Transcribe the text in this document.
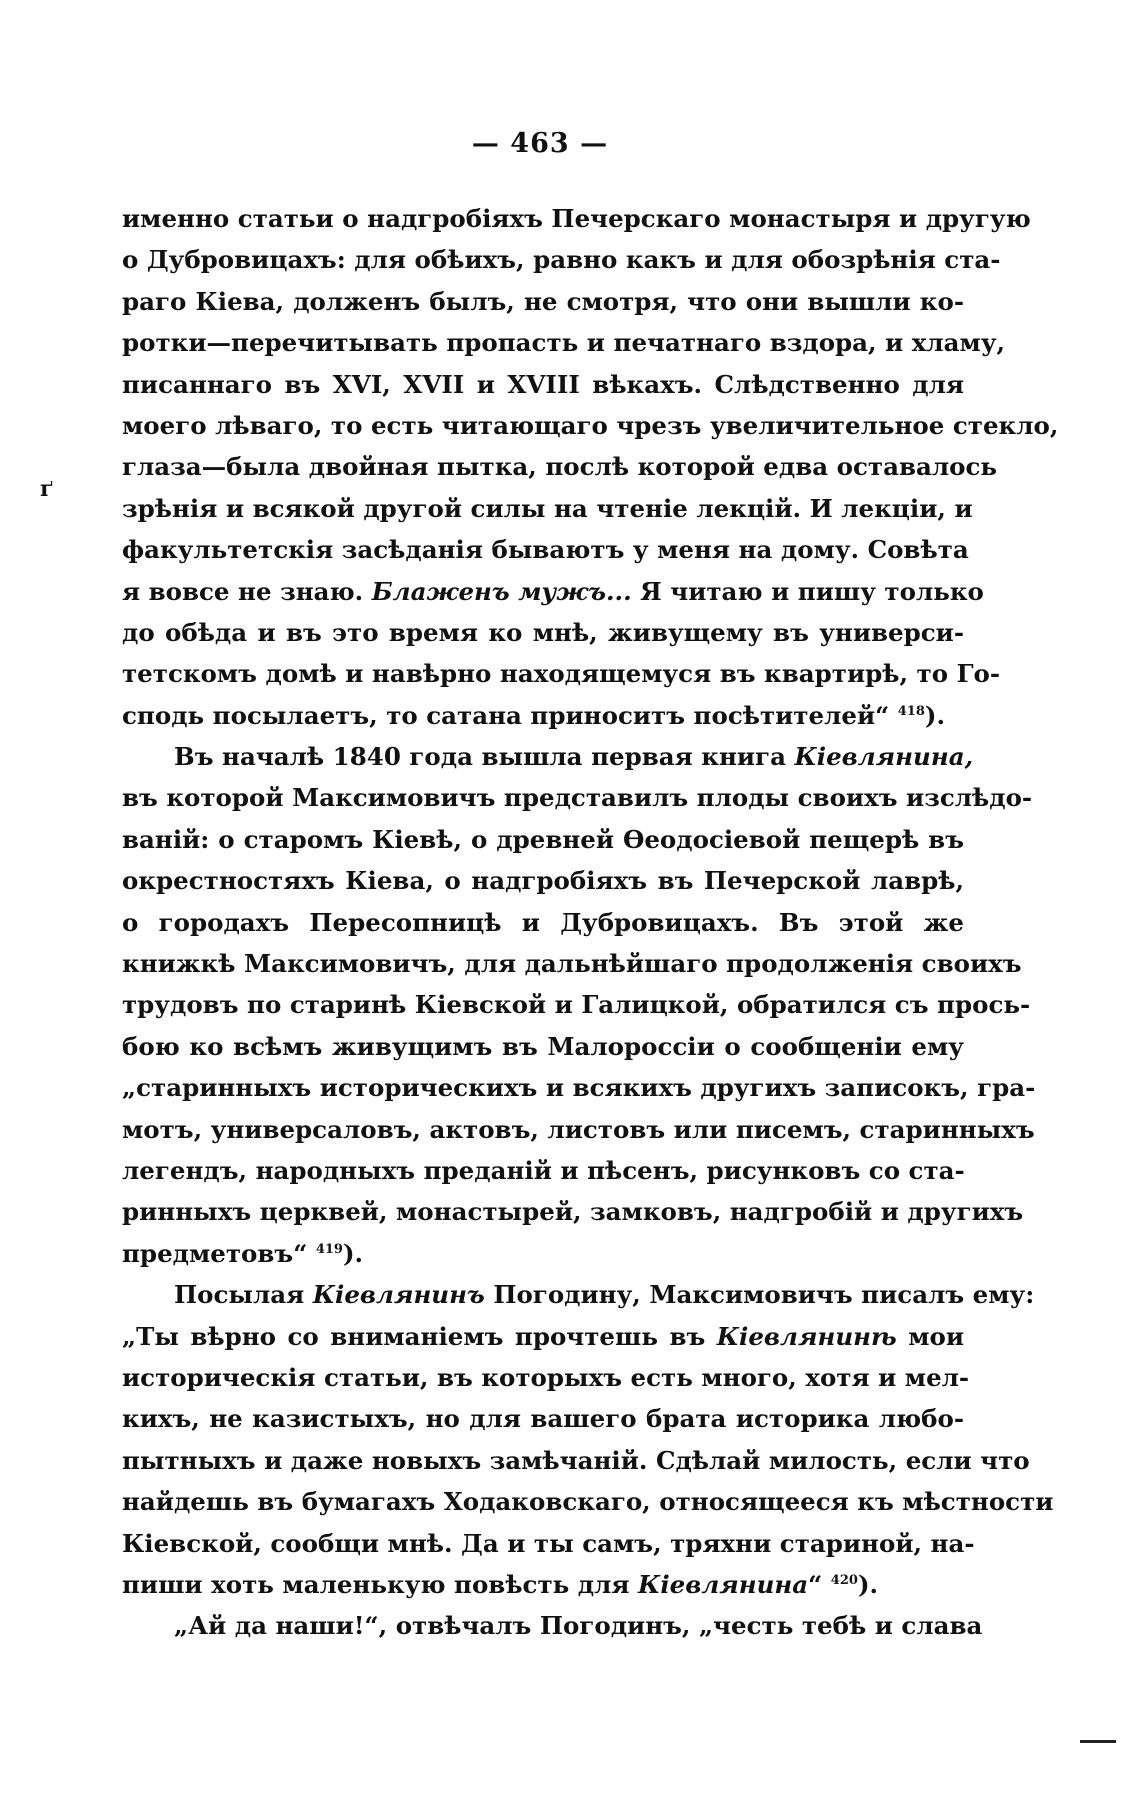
— 463 —
ґ
именно статьи о надгробіяхъ Печерскаго монастыря и другую
о Дубровицахъ: для обѣихъ, равно какъ и для обозрѣнія ста-
раго Кіева, долженъ былъ, не смотря, что они вышли ко-
ротки—перечитывать пропасть и печатнаго вздора, и хламу,
писаннаго въ XVI, XVII и XVIII вѣкахъ. Слѣдственно для
моего лѣваго, то есть читающаго чрезъ увеличительное стекло,
глаза—была двойная пытка, послѣ которой едва оставалось
зрѣнія и всякой другой силы на чтеніе лекцій. И лекціи, и
факультетскія засѣданія бываютъ у меня на дому. Совѣта
я вовсе не знаю. Блаженъ мужъ... Я читаю и пишу только
до обѣда и въ это время ко мнѣ, живущему въ универси-
тетскомъ домѣ и навѣрно находящемуся въ квартирѣ, то Го-
сподь посылаетъ, то сатана приноситъ посѣтителей“ $^{418}$).
Въ началѣ 1840 года вышла первая книга Кіевлянина,
въ которой Максимовичъ представилъ плоды своихъ изслѣдо-
ваній: о старомъ Кіевѣ, о древней Ѳеодосіевой пещерѣ въ
окрестностяхъ Кіева, о надгробіяхъ въ Печерской лаврѣ,
о городахъ Пересопницѣ и Дубровицахъ. Въ этой же
книжкѣ Максимовичъ, для дальнѣйшаго продолженія своихъ
трудовъ по старинѣ Кіевской и Галицкой, обратился съ прось-
бою ко всѣмъ живущимъ въ Малороссіи о сообщеніи ему
„старинныхъ историческихъ и всякихъ другихъ записокъ, гра-
мотъ, универсаловъ, актовъ, листовъ или писемъ, старинныхъ
легендъ, народныхъ преданій и пѣсенъ, рисунковъ со ста-
ринныхъ церквей, монастырей, замковъ, надгробій и другихъ
предметовъ“ $^{419}$).
Посылая Кіевлянинъ Погодину, Максимовичъ писалъ ему:
„Ты вѣрно со вниманіемъ прочтешь въ Кіевлянинѣ мои
историческія статьи, въ которыхъ есть много, хотя и мел-
кихъ, не казистыхъ, но для вашего брата историка любо-
пытныхъ и даже новыхъ замѣчаній. Сдѣлай милость, если что
найдешь въ бумагахъ Ходаковскаго, относящееся къ мѣстности
Кіевской, сообщи мнѣ. Да и ты самъ, тряхни стариной, на-
пиши хоть маленькую повѣсть для Кіевлянина“ $^{420}$).
„Ай да наши!“, отвѣчалъ Погодинъ, „честь тебѣ и слава
